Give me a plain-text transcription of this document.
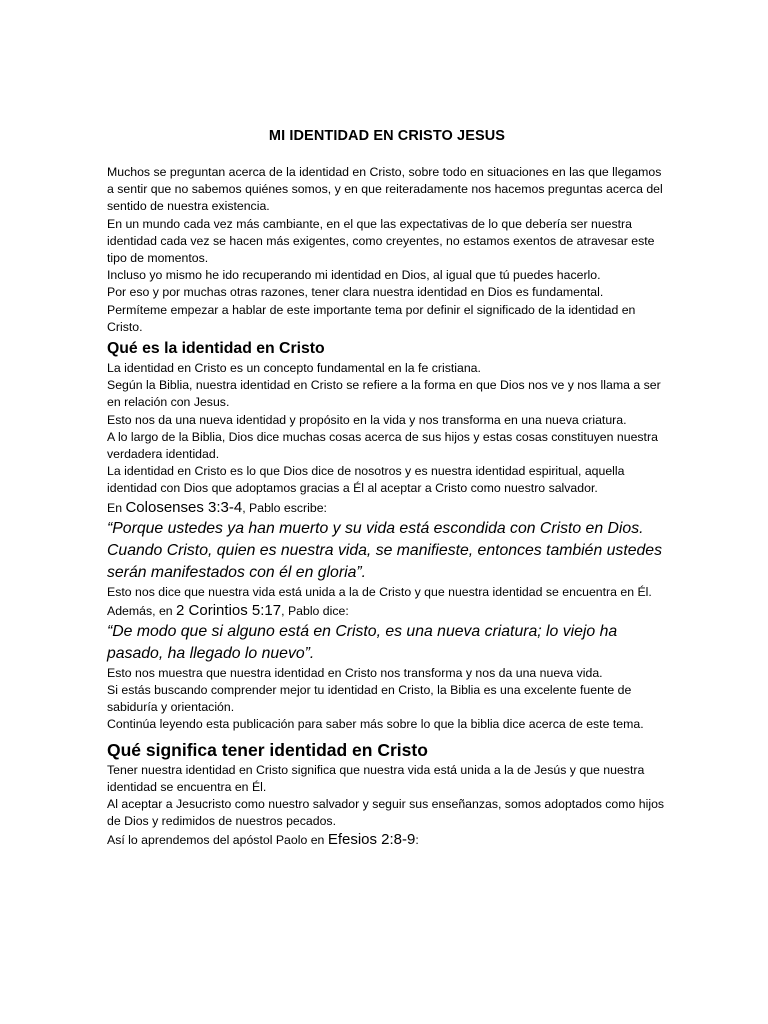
MI IDENTIDAD EN CRISTO JESUS

Muchos se preguntan acerca de la identidad en Cristo, sobre todo en situaciones en las que llegamos a sentir que no sabemos quiénes somos, y en que reiteradamente nos hacemos preguntas acerca del sentido de nuestra existencia.

En un mundo cada vez más cambiante, en el que las expectativas de lo que debería ser nuestra identidad cada vez se hacen más exigentes, como creyentes, no estamos exentos de atravesar este tipo de momentos.

Incluso yo mismo he ido recuperando mi identidad en Dios, al igual que tú puedes hacerlo.

Por eso y por muchas otras razones, tener clara nuestra identidad en Dios es fundamental.

Permíteme empezar a hablar de este importante tema por definir el significado de la identidad en Cristo.

Qué es la identidad en Cristo

La identidad en Cristo es un concepto fundamental en la fe cristiana.

Según la Biblia, nuestra identidad en Cristo se refiere a la forma en que Dios nos ve y nos llama a ser en relación con Jesus.

Esto nos da una nueva identidad y propósito en la vida y nos transforma en una nueva criatura.

A lo largo de la Biblia, Dios dice muchas cosas acerca de sus hijos y estas cosas constituyen nuestra verdadera identidad.

La identidad en Cristo es lo que Dios dice de nosotros y es nuestra identidad espiritual, aquella identidad con Dios que adoptamos gracias a Él al aceptar a Cristo como nuestro salvador.

En Colosenses 3:3-4, Pablo escribe:

“Porque ustedes ya han muerto y su vida está escondida con Cristo en Dios.

Cuando Cristo, quien es nuestra vida, se manifieste, entonces también ustedes serán manifestados con él en gloria”.

Esto nos dice que nuestra vida está unida a la de Cristo y que nuestra identidad se encuentra en Él.

Además, en 2 Corintios 5:17, Pablo dice:

“De modo que si alguno está en Cristo, es una nueva criatura; lo viejo ha pasado, ha llegado lo nuevo”.

Esto nos muestra que nuestra identidad en Cristo nos transforma y nos da una nueva vida.

Si estás buscando comprender mejor tu identidad en Cristo, la Biblia es una excelente fuente de sabiduría y orientación.

Continúa leyendo esta publicación para saber más sobre lo que la biblia dice acerca de este tema.

Qué significa tener identidad en Cristo

Tener nuestra identidad en Cristo significa que nuestra vida está unida a la de Jesús y que nuestra identidad se encuentra en Él.

Al aceptar a Jesucristo como nuestro salvador y seguir sus enseñanzas, somos adoptados como hijos de Dios y redimidos de nuestros pecados.

Así lo aprendemos del apóstol Paolo en Efesios 2:8-9:
